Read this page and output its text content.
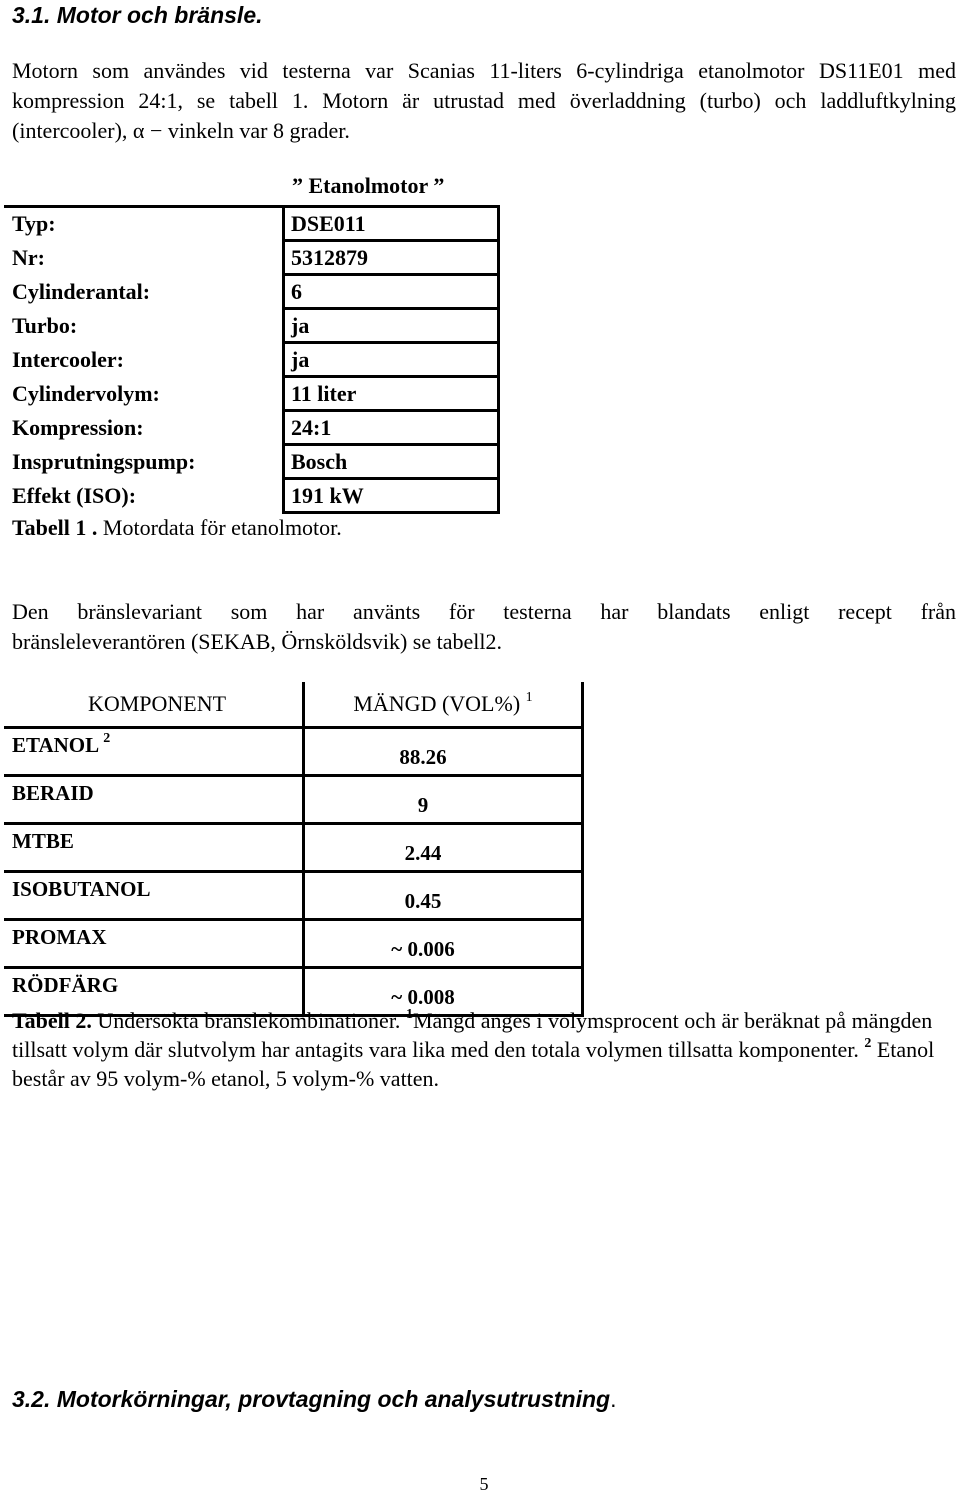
3.1. Motor och bränsle.
Motorn som användes vid testerna var Scanias 11-liters 6-cylindriga etanolmotor DS11E01 med kompression 24:1, se tabell 1. Motorn är utrustad med överladdning (turbo) och laddluftkylning (intercooler), α − vinkeln var 8 grader.
” Etanolmotor ”
Typ:	DSE011
Nr:	5312879
Cylinderantal:	6
Turbo:	ja
Intercooler:	ja
Cylindervolym:	11 liter
Kompression:	24:1
Insprutningspump:	Bosch
Effekt (ISO):	191 kW
Tabell 1 . Motordata för etanolmotor.
Den bränslevariant som har använts för testerna har blandats enligt recept från
bränsleleverantören (SEKAB, Örnsköldsvik) se tabell2.
KOMPONENT	MÄNGD (VOL%) $^1$
ETANOL $^2$	88.26
BERAID	9
MTBE	2.44
ISOBUTANOL	0.45
PROMAX	~ 0.006
RÖDFÄRG	~ 0.008
Tabell 2. Undersökta bränslekombinationer. $^1$Mängd anges i volymsprocent och är beräknat på mängden tillsatt volym där slutvolym har antagits vara lika med den totala volymen tillsatta komponenter. $^2$ Etanol består av 95 volym-% etanol, 5 volym-% vatten.
3.2. Motorkörningar, provtagning och analysutrustning.
5
